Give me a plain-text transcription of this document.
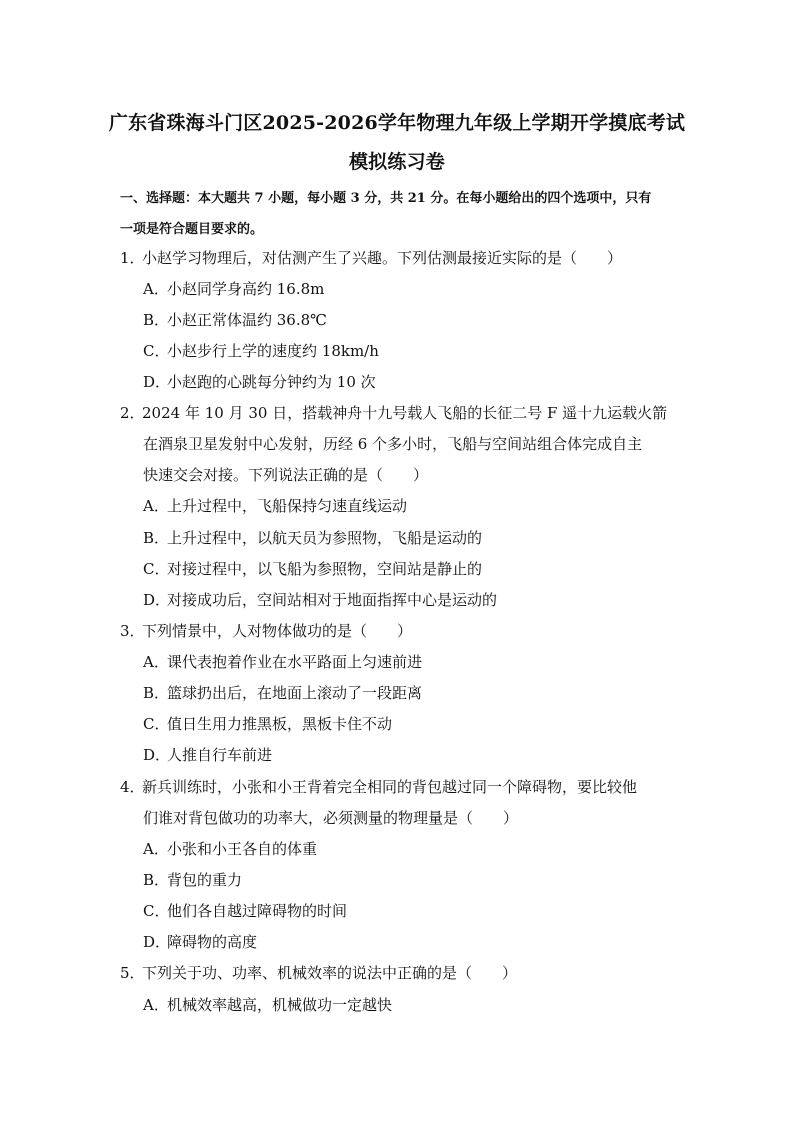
广东省珠海斗门区2025-2026学年物理九年级上学期开学摸底考试
模拟练习卷
一、选择题：本大题共 7 小题，每小题 3 分，共 21 分。在每小题给出的四个选项中，只有
一项是符合题目要求的。
1．小赵学习物理后，对估测产生了兴趣。下列估测最接近实际的是（　　）
A．小赵同学身高约 16.8m
B．小赵正常体温约 36.8℃
C．小赵步行上学的速度约 18km/h
D．小赵跑的心跳每分钟约为 10 次
2．2024 年 10 月 30 日，搭载神舟十九号载人飞船的长征二号 F 遥十九运载火箭
在酒泉卫星发射中心发射，历经 6 个多小时，飞船与空间站组合体完成自主
快速交会对接。下列说法正确的是（　　）
A．上升过程中，飞船保持匀速直线运动
B．上升过程中，以航天员为参照物，飞船是运动的
C．对接过程中，以飞船为参照物，空间站是静止的
D．对接成功后，空间站相对于地面指挥中心是运动的
3．下列情景中，人对物体做功的是（　　）
A．课代表抱着作业在水平路面上匀速前进
B．篮球扔出后，在地面上滚动了一段距离
C．值日生用力推黑板，黑板卡住不动
D．人推自行车前进
4．新兵训练时，小张和小王背着完全相同的背包越过同一个障碍物，要比较他
们谁对背包做功的功率大，必须测量的物理量是（　　）
A．小张和小王各自的体重
B．背包的重力
C．他们各自越过障碍物的时间
D．障碍物的高度
5．下列关于功、功率、机械效率的说法中正确的是（　　）
A．机械效率越高，机械做功一定越快
